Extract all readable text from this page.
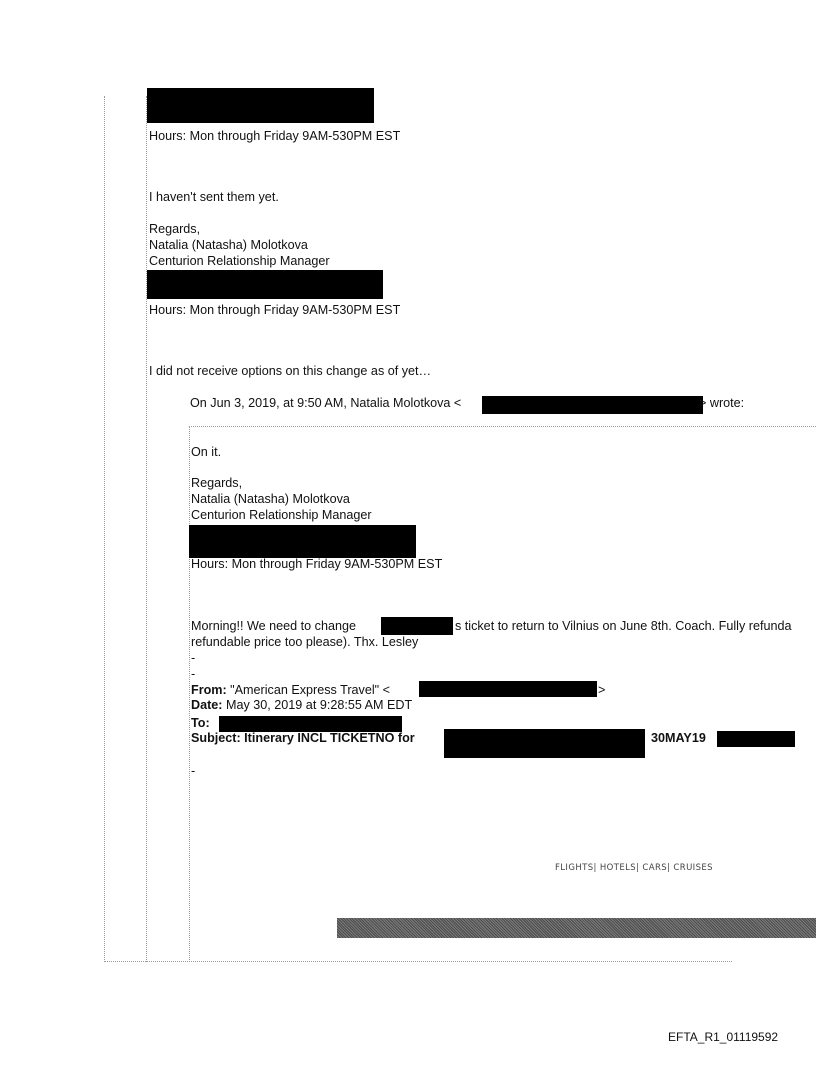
Hours: Mon through Friday 9AM-530PM EST
I haven't sent them yet.
Regards,
Natalia (Natasha) Molotkova
Centurion Relationship Manager
Hours: Mon through Friday 9AM-530PM EST
I did not receive options on this change as of yet…
On Jun 3, 2019, at 9:50 AM, Natalia Molotkova <	> wrote:
On it.
Regards,
Natalia (Natasha) Molotkova
Centurion Relationship Manager
Hours: Mon through Friday 9AM-530PM EST
Morning!! We need to change	s ticket to return to Vilnius on June 8th. Coach. Fully refunda
refundable price too please). Thx. Lesley
-
-
From: "American Express Travel" <	>
Date: May 30, 2019 at 9:28:55 AM EDT
To:
Subject: Itinerary INCL TICKETNO for	30MAY19
-
FLIGHTS| HOTELS| CARS| CRUISES
EFTA_R1_01119592
